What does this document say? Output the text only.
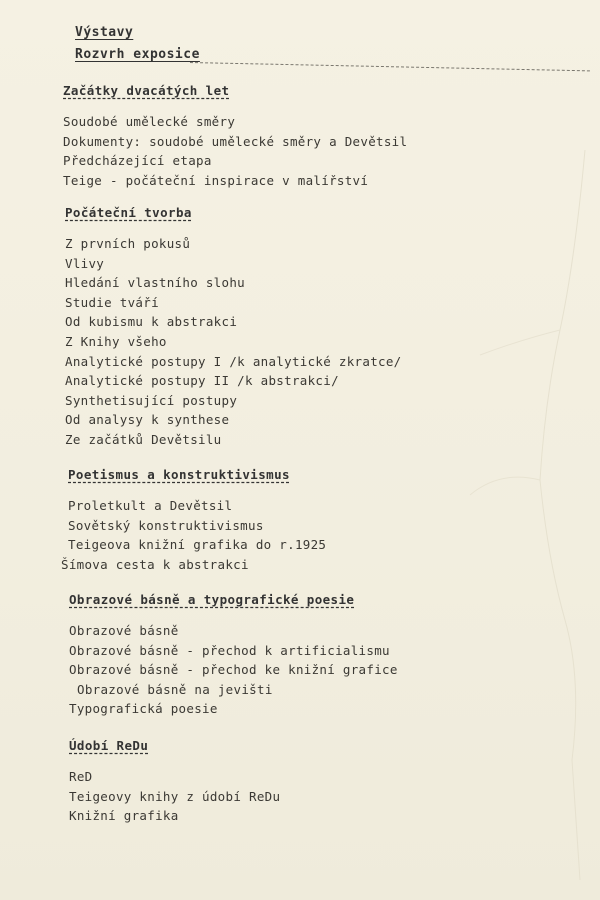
Výstavy
Rozvrh exposice
Začátky dvacátých let
Soudobé umělecké směry
Dokumenty: soudobé umělecké směry a Devětsil
Předcházející etapa
Teige - počáteční inspirace v malířství
Počáteční tvorba
Z prvních pokusů
Vlivy
Hledání vlastního slohu
Studie tváří
Od kubismu k abstrakci
Z Knihy všeho
Analytické postupy I /k analytické zkratce/
Analytické postupy II /k abstrakci/
Synthetisující postupy
Od analysy k synthese
Ze začátků Devětsilu
Poetismus a konstruktivismus
Proletkult a Devětsil
Sovětský konstruktivismus
Teigeova knižní grafika do r.1925
Šímova cesta k abstrakci
Obrazové básně a typografické poesie
Obrazové básně
Obrazové básně - přechod k artificialismu
Obrazové básně - přechod ke knižní grafice
Obrazové básně na jevišti
Typografická poesie
Údobí ReDu
ReD
Teigeovy knihy z údobí ReDu
Knižní grafika
